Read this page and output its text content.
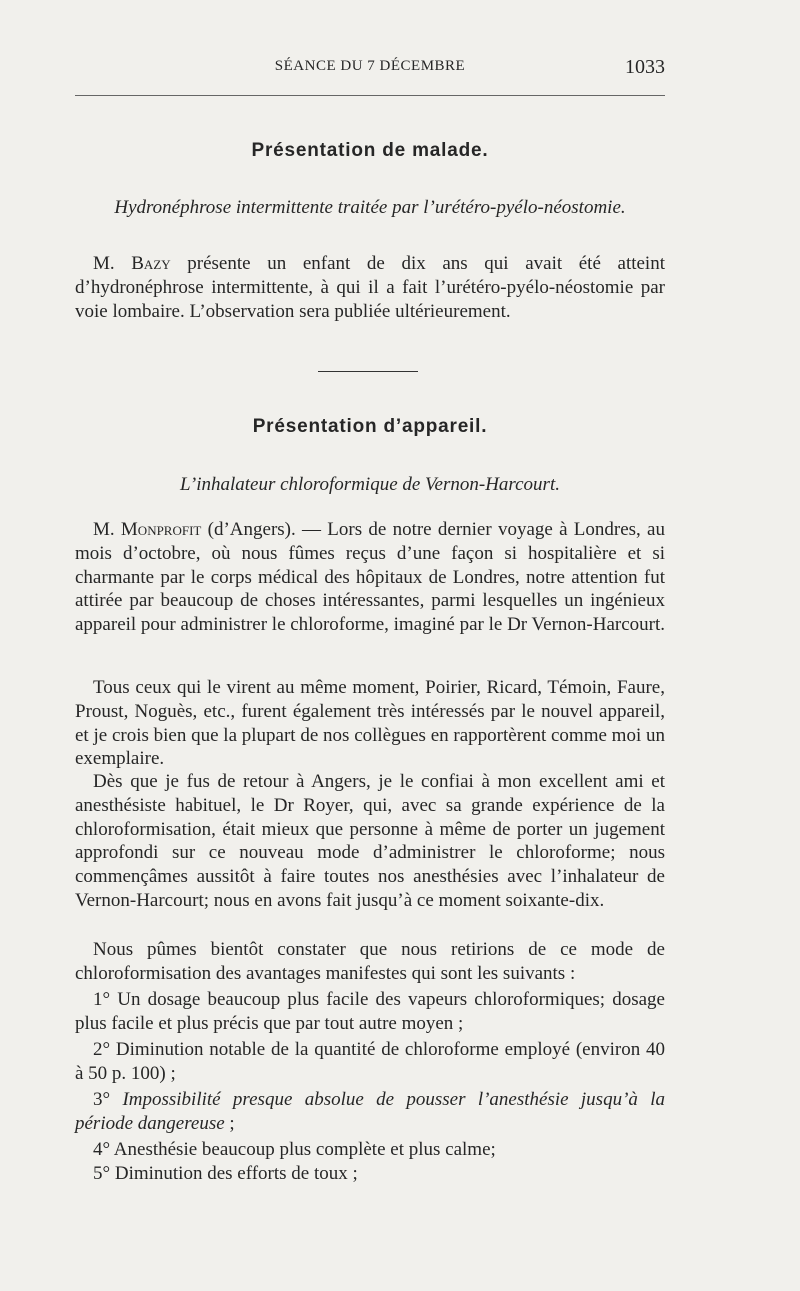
SÉANCE DU 7 DÉCEMBRE	1033
Présentation de malade.
Hydronéphrose intermittente traitée par l’urétéro-pyélo-néostomie.

M. Bazy présente un enfant de dix ans qui avait été atteint d’hydronéphrose intermittente, à qui il a fait l’urétéro-pyélo-néostomie par voie lombaire. L’observation sera publiée ultérieurement.

Présentation d’appareil.
L’inhalateur chloroformique de Vernon-Harcourt.

M. Monprofit (d’Angers). — Lors de notre dernier voyage à Londres, au mois d’octobre, où nous fûmes reçus d’une façon si hospitalière et si charmante par le corps médical des hôpitaux de Londres, notre attention fut attirée par beaucoup de choses intéressantes, parmi lesquelles un ingénieux appareil pour administrer le chloroforme, imaginé par le Dr Vernon-Harcourt.

Tous ceux qui le virent au même moment, Poirier, Ricard, Témoin, Faure, Proust, Noguès, etc., furent également très intéressés par le nouvel appareil, et je crois bien que la plupart de nos collègues en rapportèrent comme moi un exemplaire.

Dès que je fus de retour à Angers, je le confiai à mon excellent ami et anesthésiste habituel, le Dr Royer, qui, avec sa grande expérience de la chloroformisation, était mieux que personne à même de porter un jugement approfondi sur ce nouveau mode d’administrer le chloroforme; nous commençâmes aussitôt à faire toutes nos anesthésies avec l’inhalateur de Vernon-Harcourt; nous en avons fait jusqu’à ce moment soixante-dix.

Nous pûmes bientôt constater que nous retirions de ce mode de chloroformisation des avantages manifestes qui sont les suivants :

1° Un dosage beaucoup plus facile des vapeurs chloroformiques; dosage plus facile et plus précis que par tout autre moyen ;

2° Diminution notable de la quantité de chloroforme employé (environ 40 à 50 p. 100) ;

3° Impossibilité presque absolue de pousser l’anesthésie jusqu’à la période dangereuse ;

4° Anesthésie beaucoup plus complète et plus calme;

5° Diminution des efforts de toux ;
